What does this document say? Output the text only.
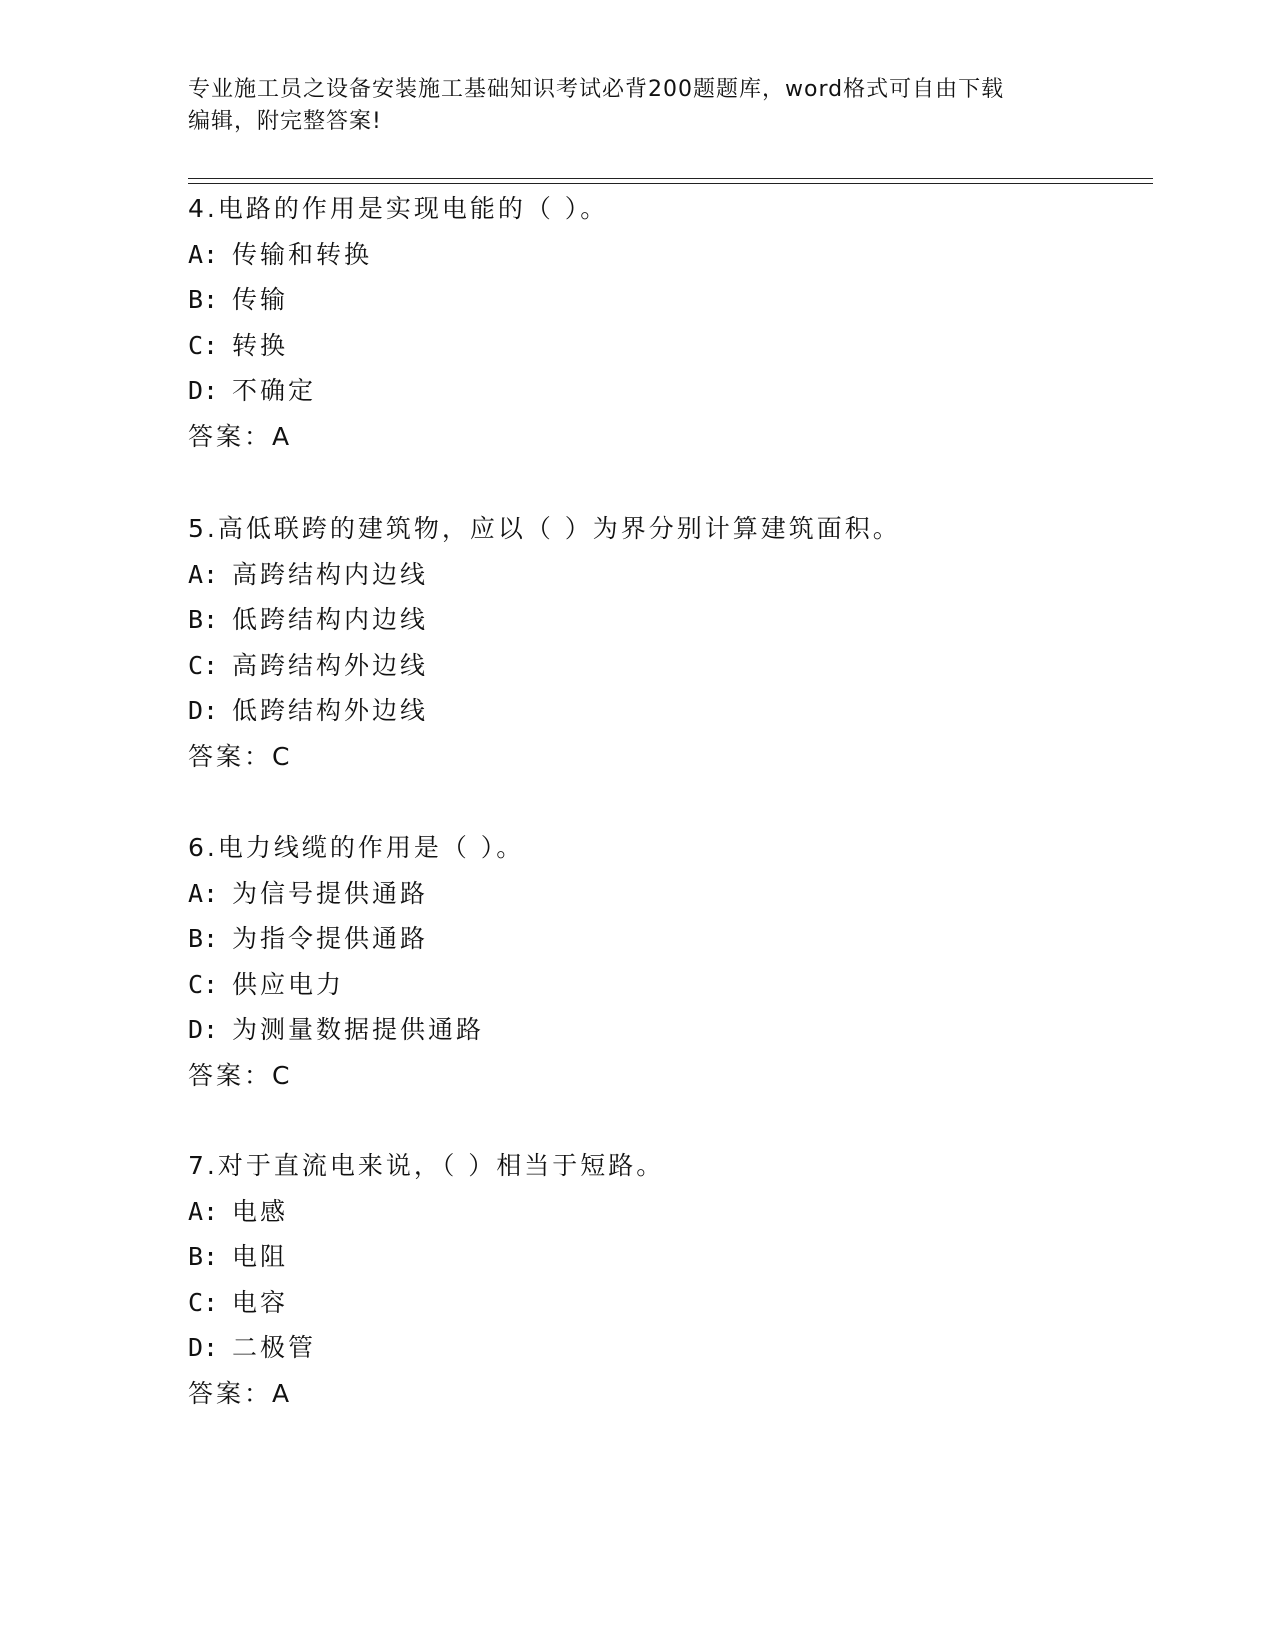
专业施工员之设备安装施工基础知识考试必背200题题库，word格式可自由下载
编辑，附完整答案!
4.电路的作用是实现电能的（ ）。
A: 传输和转换
B: 传输
C: 转换
D: 不确定
答案：A
5.高低联跨的建筑物，应以（ ）为界分别计算建筑面积。
A: 高跨结构内边线
B: 低跨结构内边线
C: 高跨结构外边线
D: 低跨结构外边线
答案：C
6.电力线缆的作用是（ ）。
A: 为信号提供通路
B: 为指令提供通路
C: 供应电力
D: 为测量数据提供通路
答案：C
7.对于直流电来说，（ ）相当于短路。
A: 电感
B: 电阻
C: 电容
D: 二极管
答案：A
